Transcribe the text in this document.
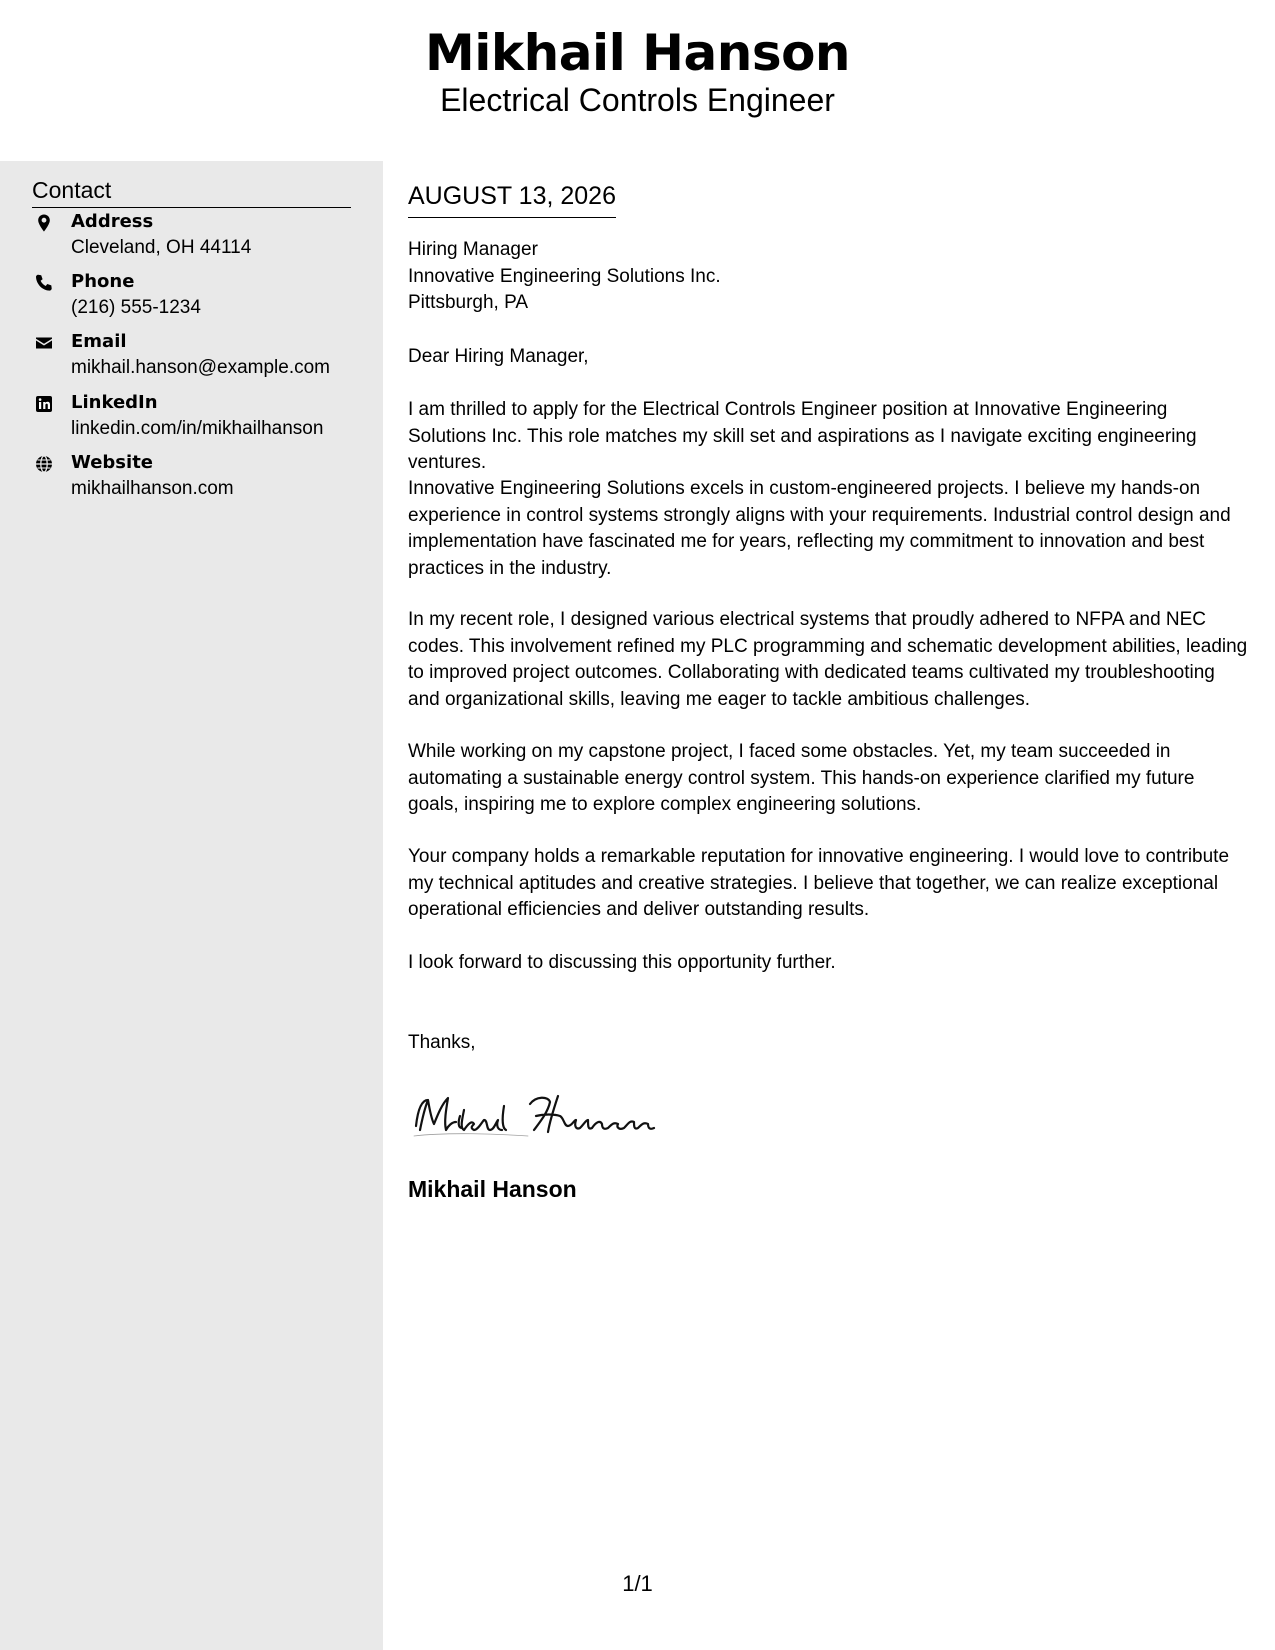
Mikhail Hanson
Electrical Controls Engineer
Contact
Address
Cleveland, OH 44114
Phone
(216) 555-1234
Email
mikhail.hanson@example.com
LinkedIn
linkedin.com/in/mikhailhanson
Website
mikhailhanson.com
AUGUST 13, 2026
Hiring Manager
Innovative Engineering Solutions Inc.
Pittsburgh, PA
Dear Hiring Manager,
I am thrilled to apply for the Electrical Controls Engineer position at Innovative Engineering Solutions Inc. This role matches my skill set and aspirations as I navigate exciting engineering ventures.
Innovative Engineering Solutions excels in custom-engineered projects. I believe my hands-on experience in control systems strongly aligns with your requirements. Industrial control design and implementation have fascinated me for years, reflecting my commitment to innovation and best practices in the industry.
In my recent role, I designed various electrical systems that proudly adhered to NFPA and NEC codes. This involvement refined my PLC programming and schematic development abilities, leading to improved project outcomes. Collaborating with dedicated teams cultivated my troubleshooting and organizational skills, leaving me eager to tackle ambitious challenges.
While working on my capstone project, I faced some obstacles. Yet, my team succeeded in automating a sustainable energy control system. This hands-on experience clarified my future goals, inspiring me to explore complex engineering solutions.
Your company holds a remarkable reputation for innovative engineering. I would love to contribute my technical aptitudes and creative strategies. I believe that together, we can realize exceptional operational efficiencies and deliver outstanding results.
I look forward to discussing this opportunity further.
Thanks,
Mikhail Hanson
1/1
